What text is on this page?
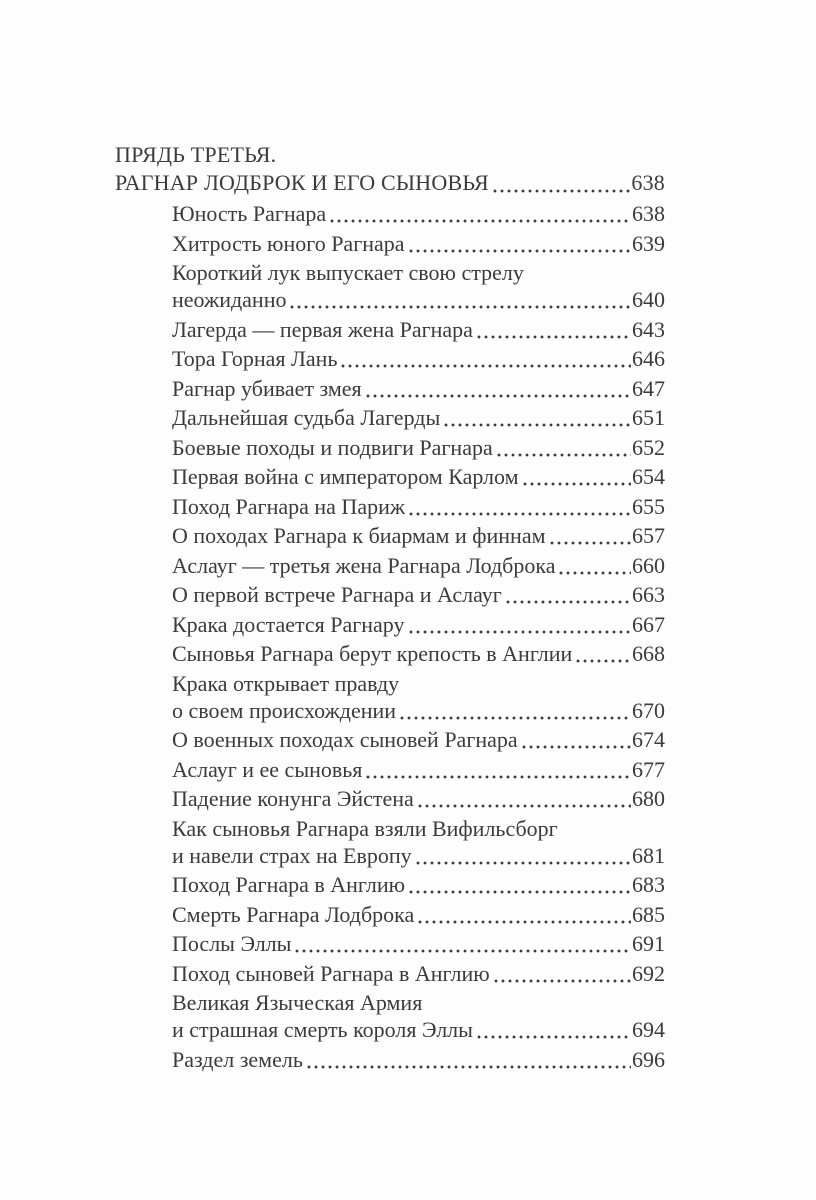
ПРЯДЬ ТРЕТЬЯ.
РАГНАР ЛОДБРОК И ЕГО СЫНОВЬЯ	638
Юность Рагнара	638
Хитрость юного Рагнара	639
Короткий лук выпускает свою стрелу
неожиданно	640
Лагерда — первая жена Рагнара	643
Тора Горная Лань	646
Рагнар убивает змея	647
Дальнейшая судьба Лагерды	651
Боевые походы и подвиги Рагнара	652
Первая война с императором Карлом	654
Поход Рагнара на Париж	655
О походах Рагнара к биармам и финнам	657
Аслауг — третья жена Рагнара Лодброка	660
О первой встрече Рагнара и Аслауг	663
Крака достается Рагнару	667
Сыновья Рагнара берут крепость в Англии	668
Крака открывает правду
о своем происхождении	670
О военных походах сыновей Рагнара	674
Аслауг и ее сыновья	677
Падение конунга Эйстена	680
Как сыновья Рагнара взяли Вифильсборг
и навели страх на Европу	681
Поход Рагнара в Англию	683
Смерть Рагнара Лодброка	685
Послы Эллы	691
Поход сыновей Рагнара в Англию	692
Великая Языческая Армия
и страшная смерть короля Эллы	694
Раздел земель	696
